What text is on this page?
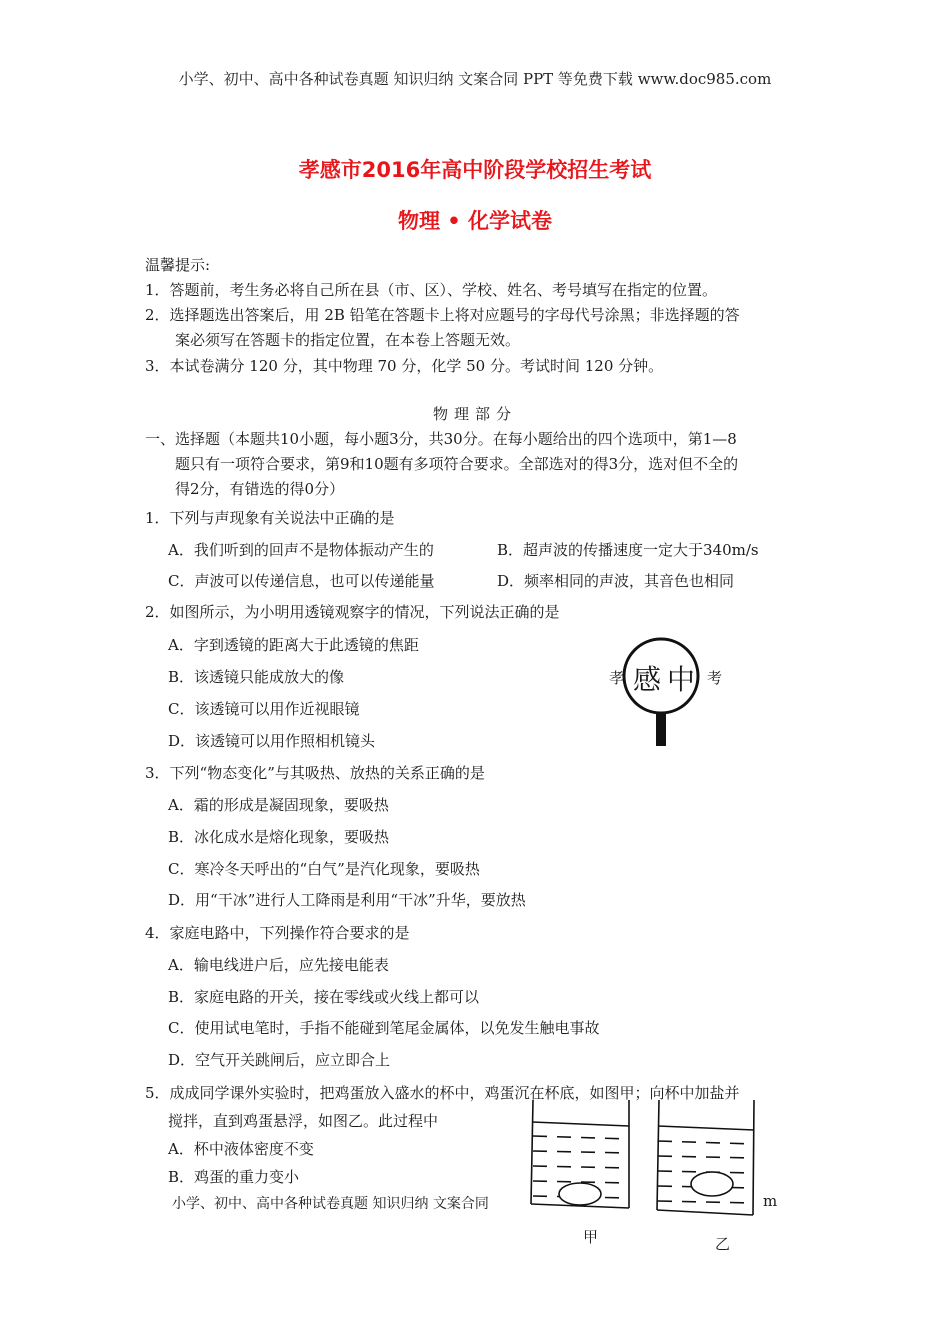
小学、初中、高中各种试卷真题 知识归纳 文案合同 PPT 等免费下载 www.doc985.com
孝感市2016年高中阶段学校招生考试
物理 • 化学试卷
温馨提示:
1．答题前，考生务必将自己所在县（市、区）、学校、姓名、考号填写在指定的位置。
2．选择题选出答案后，用 2B 铅笔在答题卡上将对应题号的字母代号涂黑；非选择题的答
案必须写在答题卡的指定位置，在本卷上答题无效。
3．本试卷满分 120 分，其中物理 70 分，化学 50 分。考试时间 120 分钟。
物理部分
一、选择题（本题共10小题，每小题3分，共30分。在每小题给出的四个选项中，第1—8
题只有一项符合要求，第9和10题有多项符合要求。全部选对的得3分，选对但不全的
得2分，有错选的得0分）
1．下列与声现象有关说法中正确的是
A．我们听到的回声不是物体振动产生的	B．超声波的传播速度一定大于340m/s
C．声波可以传递信息，也可以传递能量	D．频率相同的声波，其音色也相同
2．如图所示，为小明用透镜观察字的情况，下列说法正确的是
A．字到透镜的距离大于此透镜的焦距
B．该透镜只能成放大的像
C．该透镜可以用作近视眼镜
D．该透镜可以用作照相机镜头
孝 感 中 考
3．下列“物态变化”与其吸热、放热的关系正确的是
A．霜的形成是凝固现象，要吸热
B．冰化成水是熔化现象，要吸热
C．寒冷冬天呼出的“白气”是汽化现象，要吸热
D．用“干冰”进行人工降雨是利用“干冰”升华，要放热
4．家庭电路中，下列操作符合要求的是
A．输电线进户后，应先接电能表
B．家庭电路的开关，接在零线或火线上都可以
C．使用试电笔时，手指不能碰到笔尾金属体，以免发生触电事故
D．空气开关跳闸后，应立即合上
5．成成同学课外实验时，把鸡蛋放入盛水的杯中，鸡蛋沉在杯底，如图甲；向杯中加盐并
搅拌，直到鸡蛋悬浮，如图乙。此过程中
A．杯中液体密度不变
B．鸡蛋的重力变小
甲	乙
小学、初中、高中各种试卷真题 知识归纳 文案合同	m
